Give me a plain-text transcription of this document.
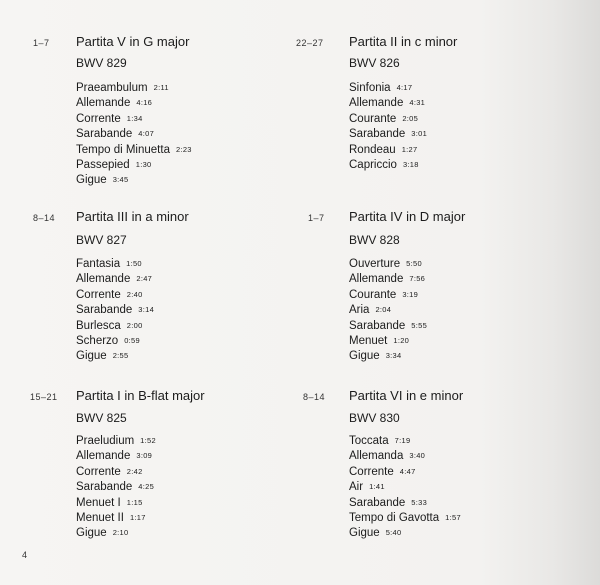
1–7 Partita V in G major
BWV 829
Praeambulum 2:11
Allemande 4:16
Corrente 1:34
Sarabande 4:07
Tempo di Minuetta 2:23
Passepied 1:30
Gigue 3:45
22–27 Partita II in c minor
BWV 826
Sinfonia 4:17
Allemande 4:31
Courante 2:05
Sarabande 3:01
Rondeau 1:27
Capriccio 3:18
8–14 Partita III in a minor
BWV 827
Fantasia 1:50
Allemande 2:47
Corrente 2:40
Sarabande 3:14
Burlesca 2:00
Scherzo 0:59
Gigue 2:55
1–7 Partita IV in D major
BWV 828
Ouverture 5:50
Allemande 7:56
Courante 3:19
Aria 2:04
Sarabande 5:55
Menuet 1:20
Gigue 3:34
15–21 Partita I in B-flat major
BWV 825
Praeludium 1:52
Allemande 3:09
Corrente 2:42
Sarabande 4:25
Menuet I 1:15
Menuet II 1:17
Gigue 2:10
8–14 Partita VI in e minor
BWV 830
Toccata 7:19
Allemanda 3:40
Corrente 4:47
Air 1:41
Sarabande 5:33
Tempo di Gavotta 1:57
Gigue 5:40
4
